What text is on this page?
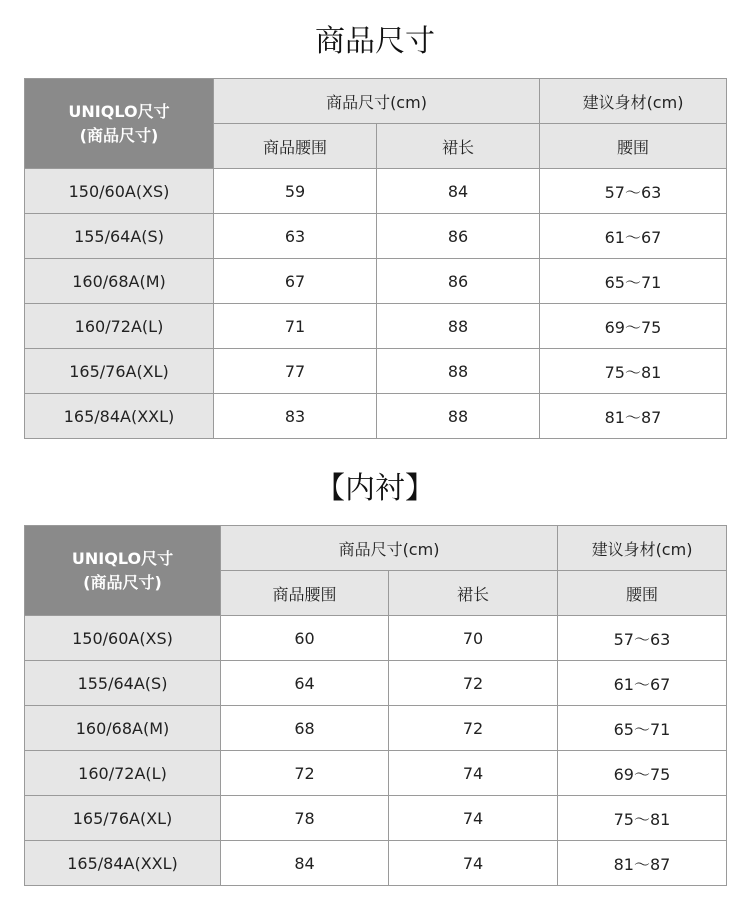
商品尺寸
UNIQLO尺寸
(商品尺寸)	商品尺寸(cm)		建议身材(cm)
	商品腰围	裙长	腰围
150/60A(XS)	59	84	57～63
155/64A(S)	63	86	61～67
160/68A(M)	67	86	65～71
160/72A(L)	71	88	69～75
165/76A(XL)	77	88	75～81
165/84A(XXL)	83	88	81～87
【内衬】
UNIQLO尺寸
(商品尺寸)	商品尺寸(cm)		建议身材(cm)
	商品腰围	裙长	腰围
150/60A(XS)	60	70	57～63
155/64A(S)	64	72	61～67
160/68A(M)	68	72	65～71
160/72A(L)	72	74	69～75
165/76A(XL)	78	74	75～81
165/84A(XXL)	84	74	81～87
